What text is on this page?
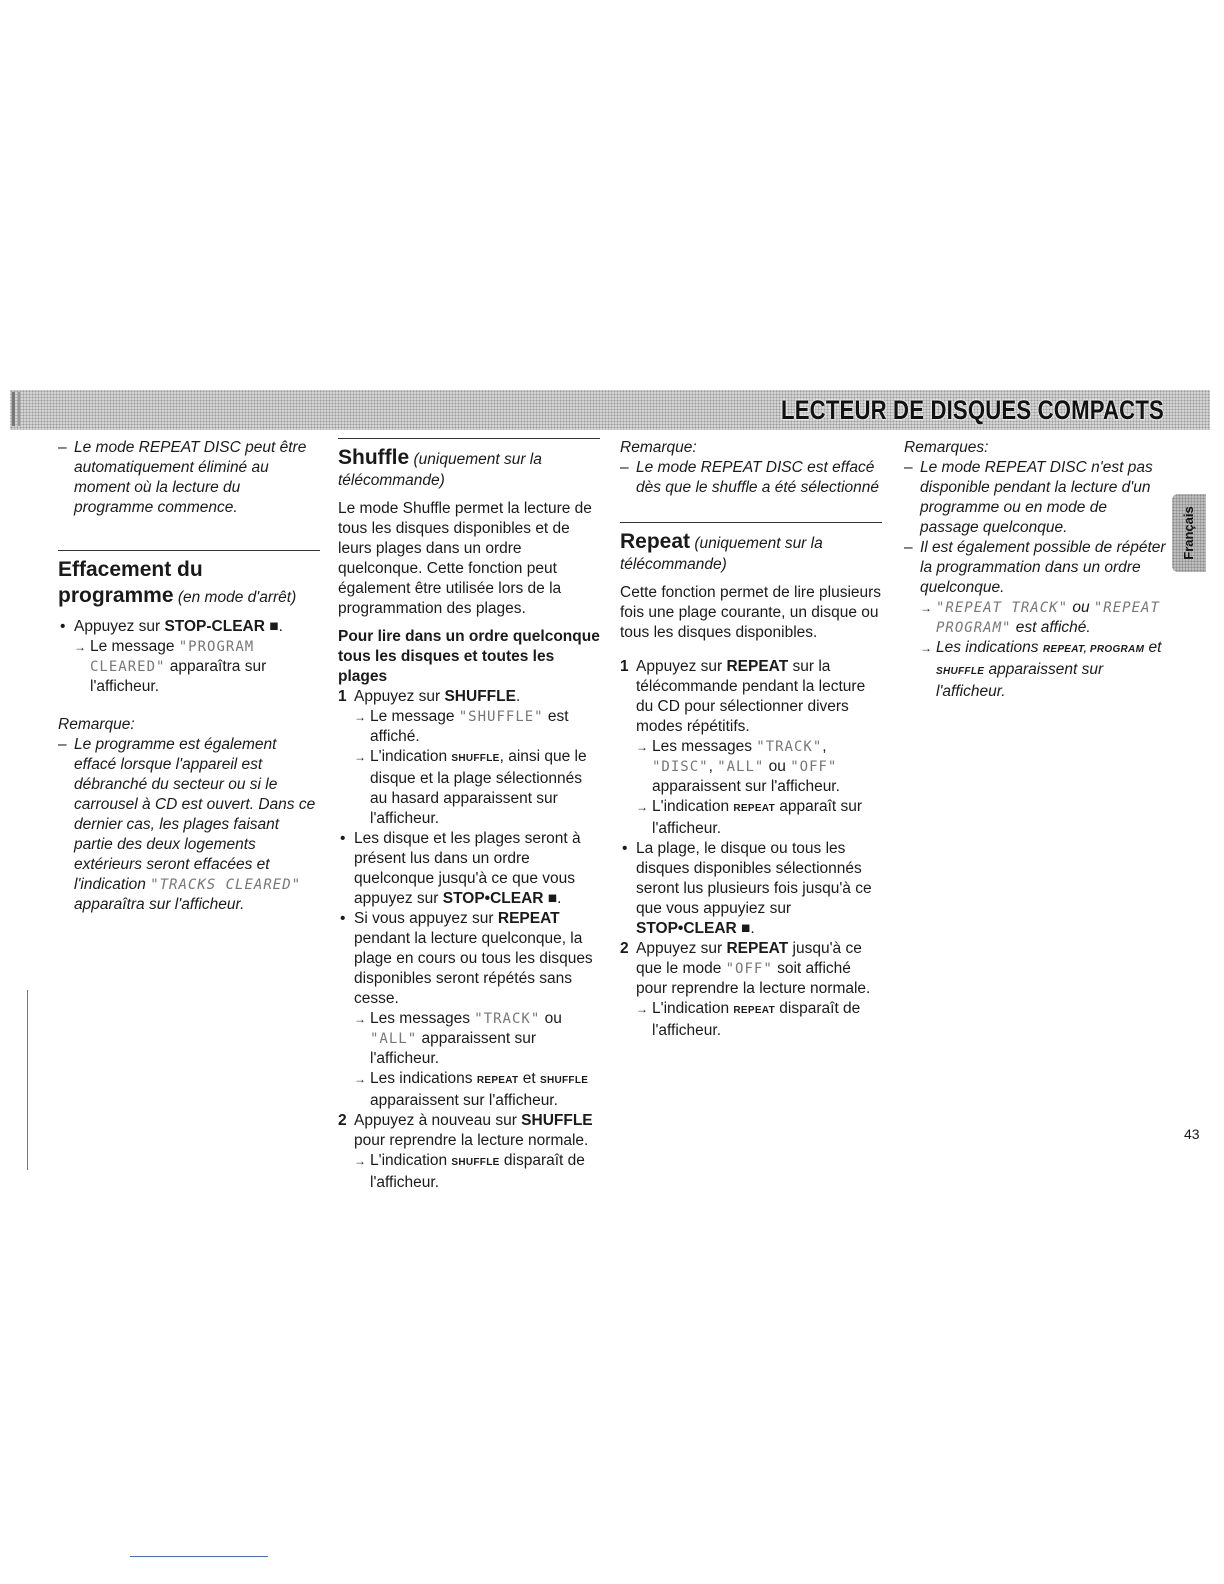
LECTEUR DE DISQUES COMPACTS
Français

– Le mode REPEAT DISC peut être automatiquement éliminé au moment où la lecture du programme commence.

Effacement du programme (en mode d'arrêt)

• Appuyez sur STOP-CLEAR ■.

→ Le message "PROGRAM CLEARED" apparaîtra sur l'afficheur.

Remarque:

– Le programme est également effacé lorsque l'appareil est débranché du secteur ou si le carrousel à CD est ouvert. Dans ce dernier cas, les plages faisant partie des deux logements extérieurs seront effacées et l'indication "TRACKS CLEARED" apparaîtra sur l'afficheur.

Shuffle (uniquement sur la télécommande)

Le mode Shuffle permet la lecture de tous les disques disponibles et de leurs plages dans un ordre quelconque. Cette fonction peut également être utilisée lors de la programmation des plages.

Pour lire dans un ordre quelconque tous les disques et toutes les plages

1 Appuyez sur SHUFFLE.

→ Le message "SHUFFLE" est affiché.

→ L'indication SHUFFLE, ainsi que le disque et la plage sélectionnés au hasard apparaissent sur l'afficheur.

• Les disque et les plages seront à présent lus dans un ordre quelconque jusqu'à ce que vous appuyez sur STOP•CLEAR ■.

• Si vous appuyez sur REPEAT pendant la lecture quelconque, la plage en cours ou tous les disques disponibles seront répétés sans cesse.

→ Les messages "TRACK" ou "ALL" apparaissent sur l'afficheur.

→ Les indications REPEAT et SHUFFLE apparaissent sur l'afficheur.

2 Appuyez à nouveau sur SHUFFLE pour reprendre la lecture normale.

→ L'indication SHUFFLE disparaît de l'afficheur.

Remarque:

– Le mode REPEAT DISC est effacé dès que le shuffle a été sélectionné

Repeat (uniquement sur la télécommande)

Cette fonction permet de lire plusieurs fois une plage courante, un disque ou tous les disques disponibles.

1 Appuyez sur REPEAT sur la télécommande pendant la lecture du CD pour sélectionner divers modes répétitifs.

→ Les messages "TRACK", "DISC", "ALL" ou "OFF" apparaissent sur l'afficheur.

→ L'indication REPEAT apparaît sur l'afficheur.

• La plage, le disque ou tous les disques disponibles sélectionnés seront lus plusieurs fois jusqu'à ce que vous appuyiez sur STOP•CLEAR ■.

2 Appuyez sur REPEAT jusqu'à ce que le mode "OFF" soit affiché pour reprendre la lecture normale.

→ L'indication REPEAT disparaît de l'afficheur.

Remarques:

– Le mode REPEAT DISC n'est pas disponible pendant la lecture d'un programme ou en mode de passage quelconque.

– Il est également possible de répéter la programmation dans un ordre quelconque.

→ "REPEAT TRACK" ou "REPEAT PROGRAM" est affiché.

→ Les indications REPEAT, PROGRAM et SHUFFLE apparaissent sur l'afficheur.

43
